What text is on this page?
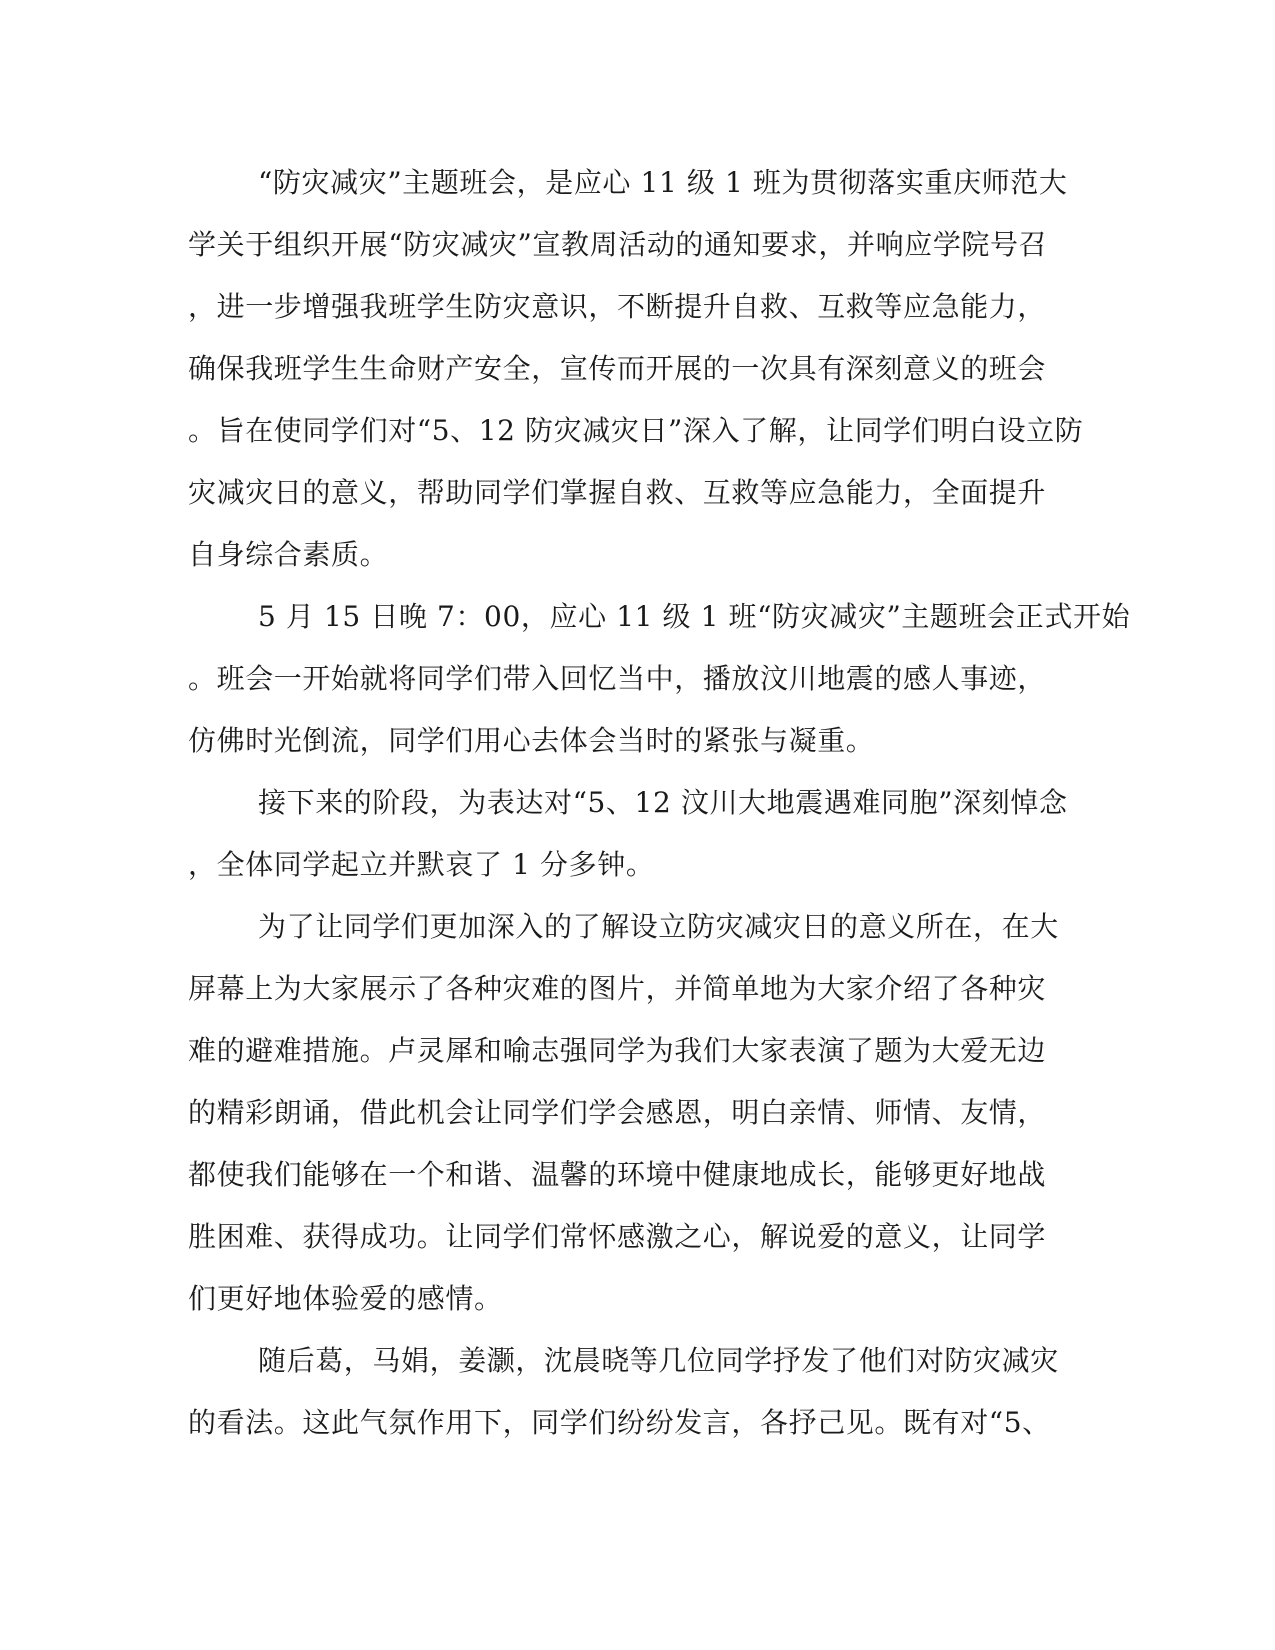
“防灾减灾”主题班会，是应心 11 级 1 班为贯彻落实重庆师范大
学关于组织开展“防灾减灾”宣教周活动的通知要求，并响应学院号召
，进一步增强我班学生防灾意识，不断提升自救、互救等应急能力，
确保我班学生生命财产安全，宣传而开展的一次具有深刻意义的班会
。旨在使同学们对“5、12 防灾减灾日”深入了解，让同学们明白设立防
灾减灾日的意义，帮助同学们掌握自救、互救等应急能力，全面提升
自身综合素质。
5 月 15 日晚 7：00，应心 11 级 1 班“防灾减灾”主题班会正式开始
。班会一开始就将同学们带入回忆当中，播放汶川地震的感人事迹，
仿佛时光倒流，同学们用心去体会当时的紧张与凝重。
接下来的阶段，为表达对“5、12 汶川大地震遇难同胞”深刻悼念
，全体同学起立并默哀了 1 分多钟。
为了让同学们更加深入的了解设立防灾减灾日的意义所在，在大
屏幕上为大家展示了各种灾难的图片，并简单地为大家介绍了各种灾
难的避难措施。卢灵犀和喻志强同学为我们大家表演了题为大爱无边
的精彩朗诵，借此机会让同学们学会感恩，明白亲情、师情、友情，
都使我们能够在一个和谐、温馨的环境中健康地成长，能够更好地战
胜困难、获得成功。让同学们常怀感激之心，解说爱的意义，让同学
们更好地体验爱的感情。
随后葛，马娟，姜灏，沈晨晓等几位同学抒发了他们对防灾减灾
的看法。这此气氛作用下，同学们纷纷发言，各抒己见。既有对“5、
